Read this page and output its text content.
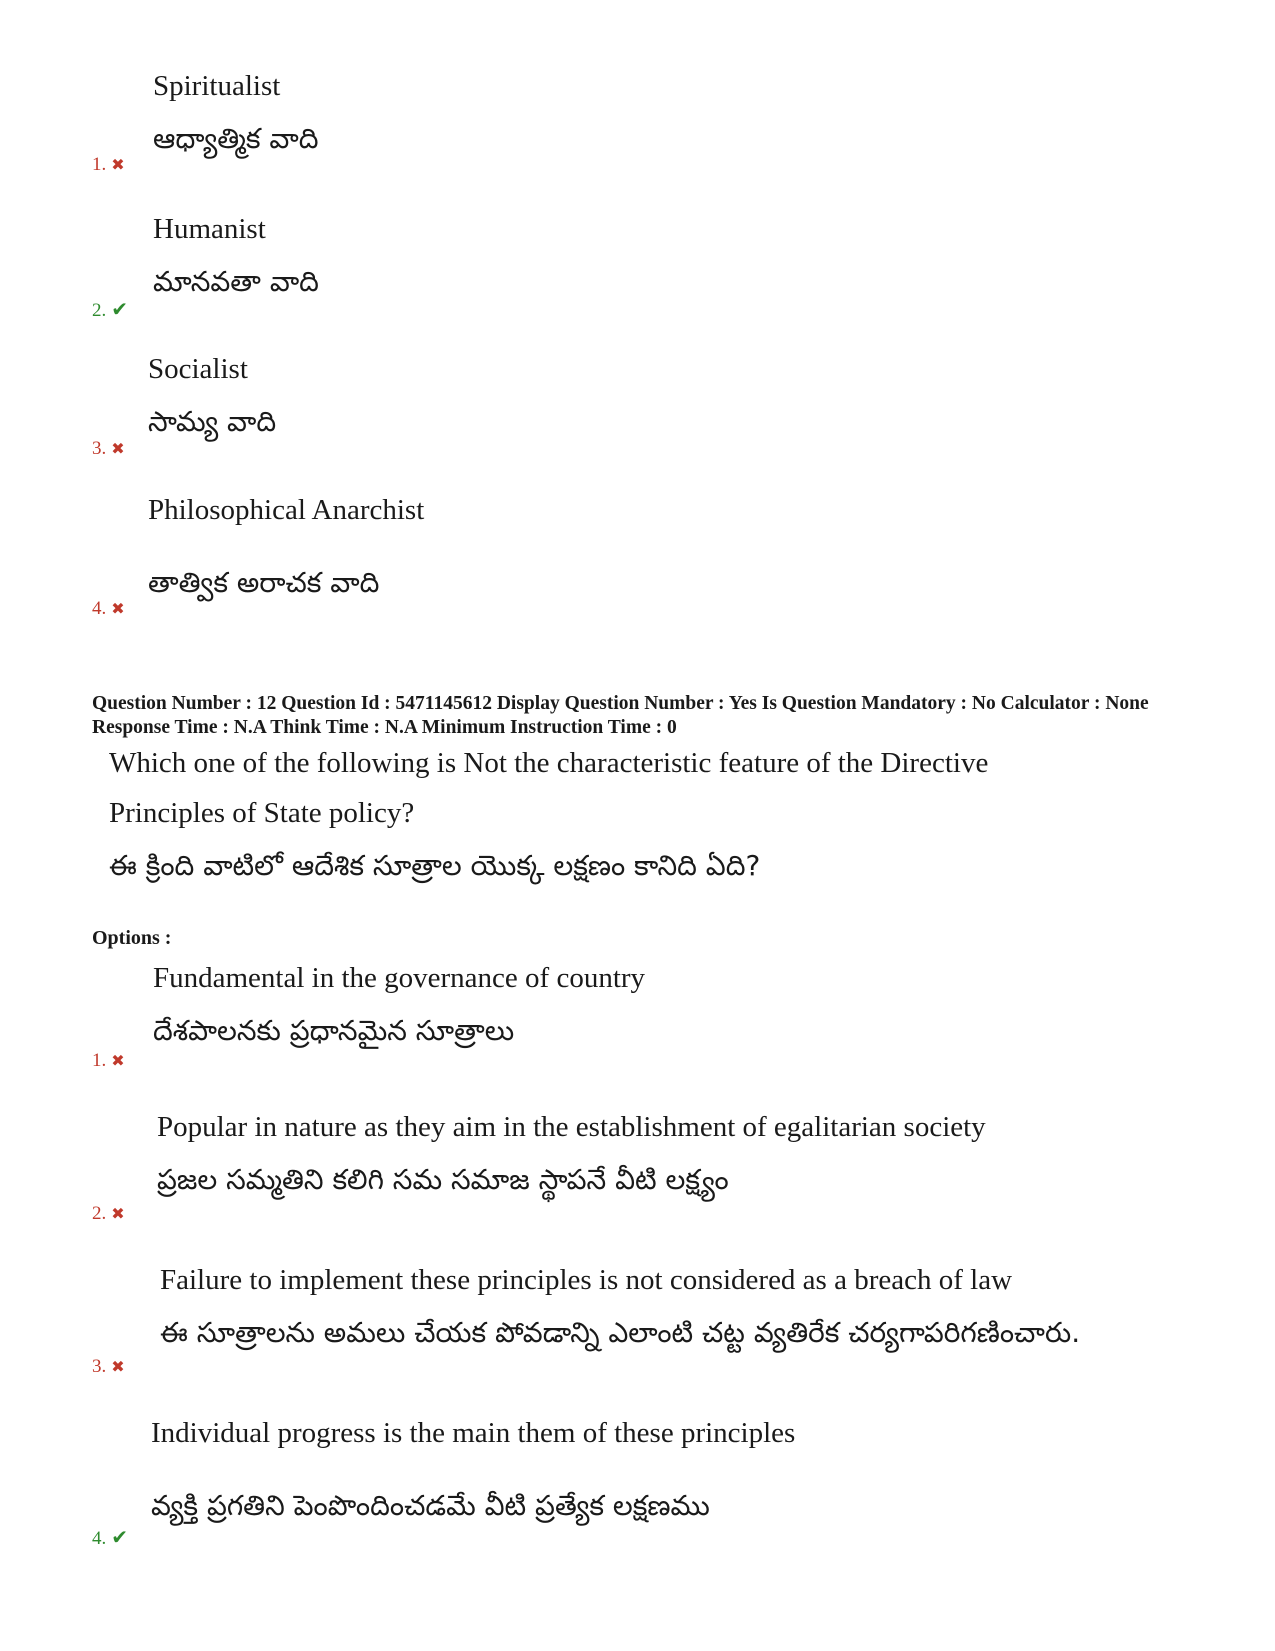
Spiritualist
ఆధ్యాత్మిక వాది
1. ✖
Humanist
మానవతా వాది
2. ✔
Socialist
సామ్య వాది
3. ✖
Philosophical Anarchist
తాత్విక అరాచక వాది
4. ✖
Question Number : 12 Question Id : 5471145612 Display Question Number : Yes Is Question Mandatory : No Calculator : None Response Time : N.A Think Time : N.A Minimum Instruction Time : 0
Which one of the following is Not the characteristic feature of the Directive
Principles of State policy?
ఈ క్రింది వాటిలో ఆదేశిక సూత్రాల యొక్క లక్షణం కానిది ఏది?
Options :
Fundamental in the governance of country
దేశపాలనకు ప్రధానమైన సూత్రాలు
1. ✖
Popular in nature as they aim in the establishment of egalitarian society
ప్రజల సమ్మతిని కలిగి సమ సమాజ స్థాపనే వీటి లక్ష్యం
2. ✖
Failure to implement these principles is not considered as a breach of law
ఈ సూత్రాలను అమలు చేయక పోవడాన్ని ఎలాంటి చట్ట వ్యతిరేక చర్యగాపరిగణించారు.
3. ✖
Individual progress is the main them of these principles
వ్యక్తి ప్రగతిని పెంపొందించడమే వీటి ప్రత్యేక లక్షణము
4. ✔
